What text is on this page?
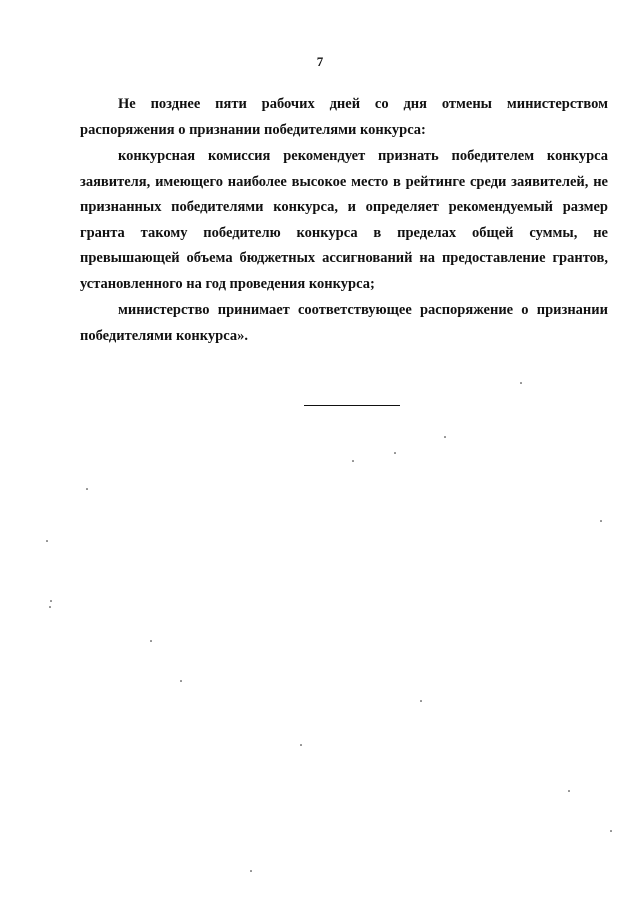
7

Не позднее пяти рабочих дней со дня отмены министерством распоряжения о признании победителями конкурса:

конкурсная комиссия рекомендует признать победителем конкурса заявителя, имеющего наиболее высокое место в рейтинге среди заявителей, не признанных победителями конкурса, и определяет рекомендуемый размер гранта такому победителю конкурса в пределах общей суммы, не превышающей объема бюджетных ассигнований на предоставление грантов, установленного на год проведения конкурса;

министерство принимает соответствующее распоряжение о признании победителями конкурса».
